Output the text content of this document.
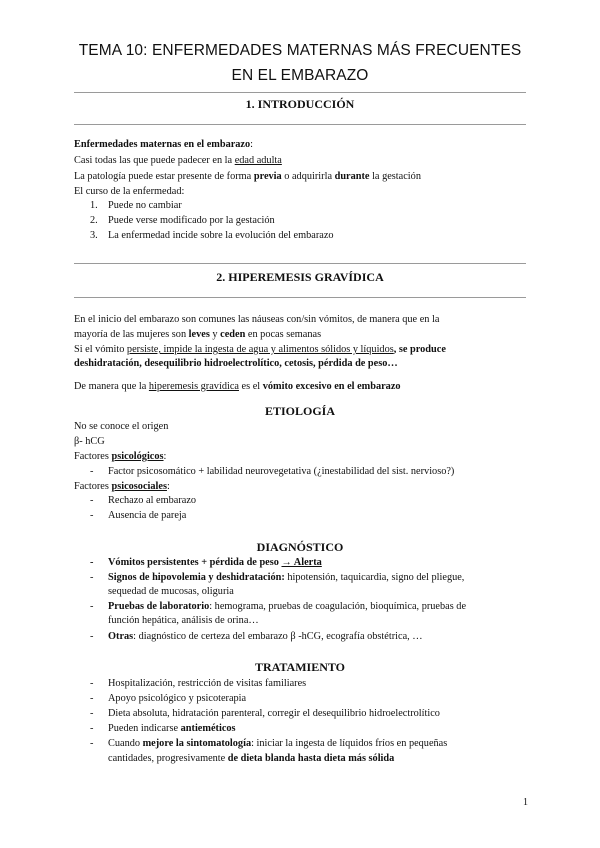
TEMA 10: ENFERMEDADES MATERNAS MÁS FRECUENTES
EN EL EMBARAZO
1. INTRODUCCIÓN
Enfermedades maternas en el embarazo:
Casi todas las que puede padecer en la edad adulta
La patología puede estar presente de forma previa o adquirirla durante la gestación
El curso de la enfermedad:
1. Puede no cambiar
2. Puede verse modificado por la gestación
3. La enfermedad incide sobre la evolución del embarazo
2. HIPEREMESIS GRAVÍDICA
En el inicio del embarazo son comunes las náuseas con/sin vómitos, de manera que en la
mayoría de las mujeres son leves y ceden en pocas semanas
Si el vómito persiste, impide la ingesta de agua y alimentos sólidos y líquidos, se produce
deshidratación, desequilibrio hidroelectrolítico, cetosis, pérdida de peso…
De manera que la hiperemesis gravídica es el vómito excesivo en el embarazo
ETIOLOGÍA
No se conoce el origen
β- hCG
Factores psicológicos:
- Factor psicosomático + labilidad neurovegetativa (¿inestabilidad del sist. nervioso?)
Factores psicosociales:
- Rechazo al embarazo
- Ausencia de pareja
DIAGNÓSTICO
- Vómitos persistentes + pérdida de peso → Alerta
- Signos de hipovolemia y deshidratación: hipotensión, taquicardia, signo del pliegue,
sequedad de mucosas, oliguria
- Pruebas de laboratorio: hemograma, pruebas de coagulación, bioquímica, pruebas de
función hepática, análisis de orina…
- Otras: diagnóstico de certeza del embarazo β -hCG, ecografía obstétrica, …
TRATAMIENTO
- Hospitalización, restricción de visitas familiares
- Apoyo psicológico y psicoterapia
- Dieta absoluta, hidratación parenteral, corregir el desequilibrio hidroelectrolítico
- Pueden indicarse antieméticos
- Cuando mejore la sintomatología: iniciar la ingesta de líquidos fríos en pequeñas
cantidades, progresivamente de dieta blanda hasta dieta más sólida
1
